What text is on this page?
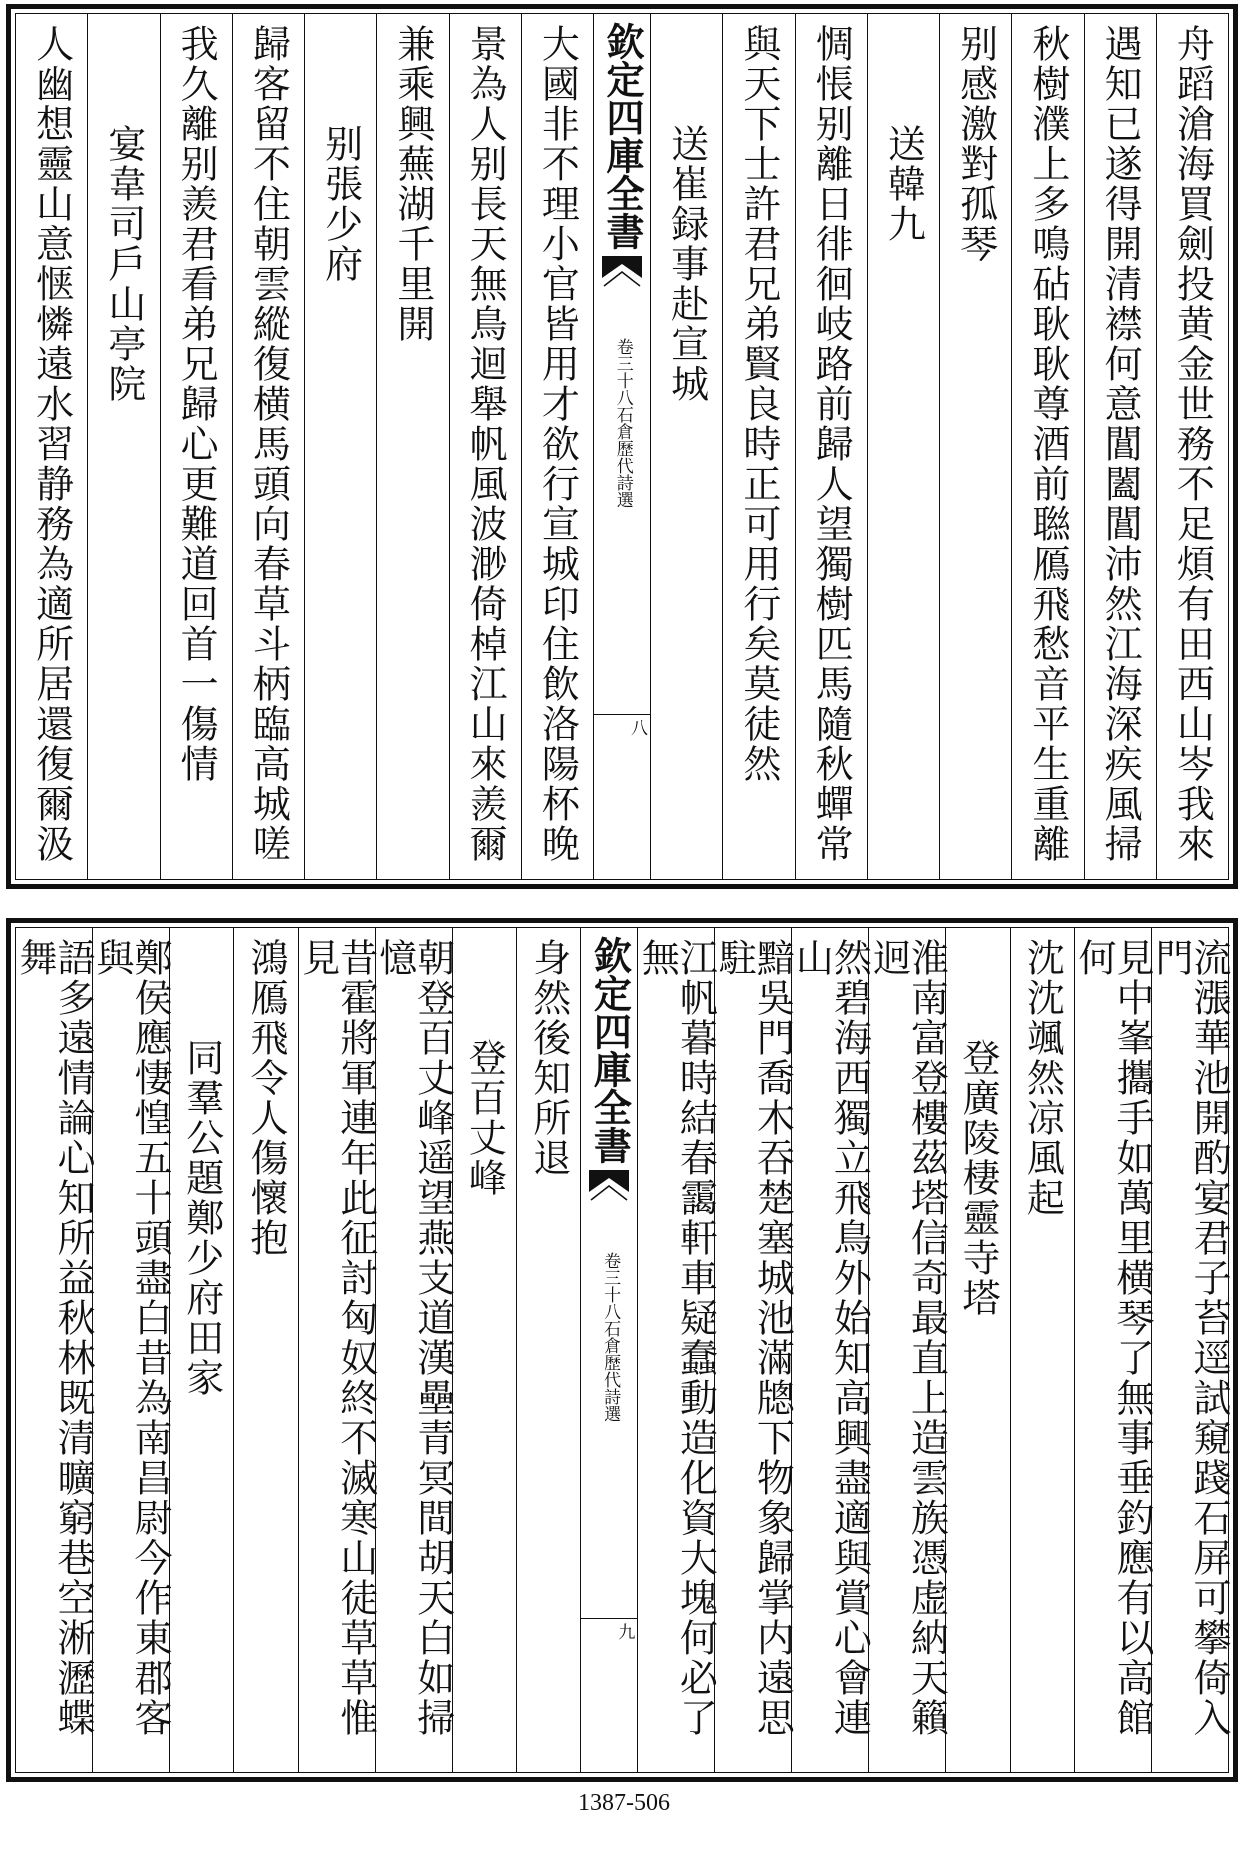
舟蹈滄海買劍投黄金世務不足煩有田西山岑我來
遇知已遂得開清襟何意閶闔閶沛然江海深疾風掃
秋樹濮上多鳴砧耿耿尊酒前聮鴈飛愁音平生重離
别感激對孤琴
送韓九
惆悵别離日徘徊岐路前歸人望獨樹匹馬隨秋蟬常
與天下士許君兄弟賢良時正可用行矣莫徒然
送崔録事赴宣城
欽定四庫全書
石倉歷代詩選
卷三十八
八
大國非不理小官皆用才欲行宣城印住飲洛陽杯晚
景為人别長天無鳥迴舉帆風波渺倚棹江山來羨爾
兼乘興蕪湖千里開
别張少府
歸客留不住朝雲縱復横馬頭向春草斗柄臨高城嗟
我久離别羨君看弟兄歸心更難道回首一傷情
宴韋司戶山亭院
人幽想靈山意惬憐遠水習静務為適所居還復爾汲
流漲華池開酌宴君子苔逕試窺踐石屏可攀倚入門
見中峯攜手如萬里横琴了無事垂釣應有以高館何
沈沈颯然凉風起
登廣陵棲靈寺塔
淮南富登樓茲塔信奇最直上造雲族憑虚納天籟迥
然碧海西獨立飛鳥外始知高興盡適與賞心會連山
黯吳門喬木吞楚塞城池滿牕下物象歸掌内遠思駐
江帆暮時結春靄軒車疑蠢動造化資大塊何必了無
欽定四庫全書
石倉歷代詩選
卷三十八
九
身然後知所退
登百丈峰
朝登百丈峰遥望燕支道漢壘青冥間胡天白如掃憶
昔霍將軍連年此征討匈奴終不滅寒山徒草草惟見
鴻鴈飛令人傷懷抱
同羣公題鄭少府田家
鄭侯應悽惶五十頭盡白昔為南昌尉今作東郡客與
語多遠情論心知所益秋林既清曠窮巷空淅瀝蝶舞
1387-506
